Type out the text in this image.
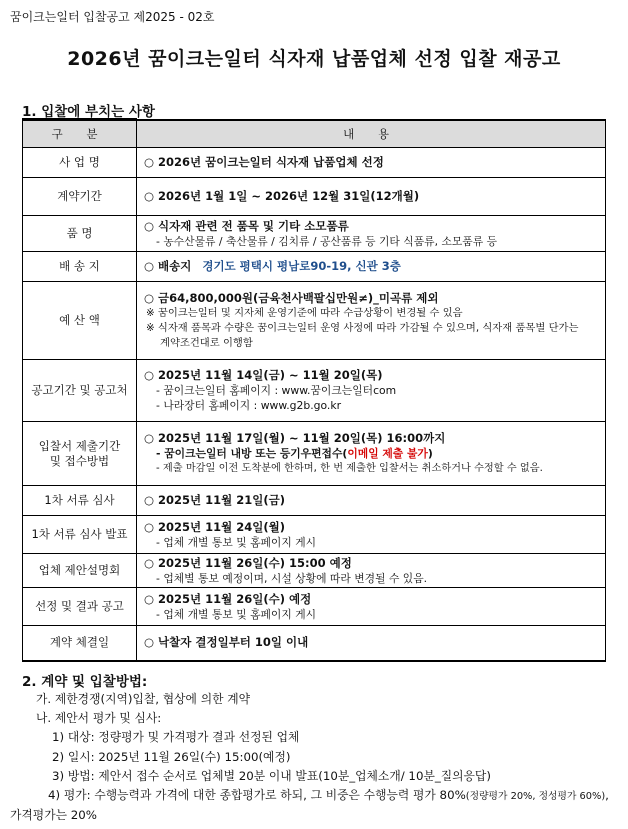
꿈이크는일터 입찰공고 제2025 - 02호
2026년 꿈이크는일터 식자재 납품업체 선정 입찰 재공고
1. 입찰에 부치는 사항
구 분	내 용
사 업 명	○ 2026년 꿈이크는일터 식자재 납품업체 선정
계약기간	○ 2026년 1월 1일 ~ 2026년 12월 31일(12개월)
품 명	○ 식자재 관련 전 품목 및 기타 소모품류
- 농수산물류 / 축산물류 / 김치류 / 공산품류 등 기타 식품류, 소모품류 등

배 송 지	○ 배송지 경기도 평택시 평남로90-19, 신관 3층
예 산 액	○ 금64,800,000원(금육천사백팔십만원≠)_미곡류 제외
※ 꿈이크는일터 및 지자체 운영기준에 따라 수급상황이 변경될 수 있음
※ 식자재 품목과 수량은 꿈이크는일터 운영 사정에 따라 가감될 수 있으며, 식자재 품목별 단가는
계약조건대로 이행함

공고기간 및 공고처	○ 2025년 11월 14일(금) ~ 11월 20일(목)
- 꿈이크는일터 홈페이지 : www.꿈이크는일터com
- 나라장터 홈페이지 : www.g2b.go.kr

입찰서 제출기간
및 접수방법	○ 2025년 11월 17일(월) ~ 11월 20일(목) 16:00까지
- 꿈이크는일터 내방 또는 등기우편접수(이메일 제출 불가)
- 제출 마감일 이전 도착분에 한하며, 한 번 제출한 입찰서는 취소하거나 수정할 수 없음.

1차 서류 심사	○ 2025년 11월 21일(금)
1차 서류 심사 발표	○ 2025년 11월 24일(월)
- 업체 개별 통보 및 홈페이지 게시

업체 제안설명회	○ 2025년 11월 26일(수) 15:00 예정
- 업체별 통보 예정이며, 시설 상황에 따라 변경될 수 있음.

선정 및 결과 공고	○ 2025년 11월 26일(수) 예정
- 업체 개별 통보 및 홈페이지 게시

계약 체결일	○ 낙찰자 결정일부터 10일 이내
2. 계약 및 입찰방법:
가. 제한경쟁(지역)입찰, 협상에 의한 계약
나. 제안서 평가 및 심사:
1) 대상: 정량평가 및 가격평가 결과 선정된 업체
2) 일시: 2025년 11월 26일(수) 15:00(예정)
3) 방법: 제안서 접수 순서로 업체별 20분 이내 발표(10분_업체소개/ 10분_질의응답)
4) 평가: 수행능력과 가격에 대한 종합평가로 하되, 그 비중은 수행능력 평가 80%(정량평가 20%, 정성평가 60%),
가격평가는 20%
